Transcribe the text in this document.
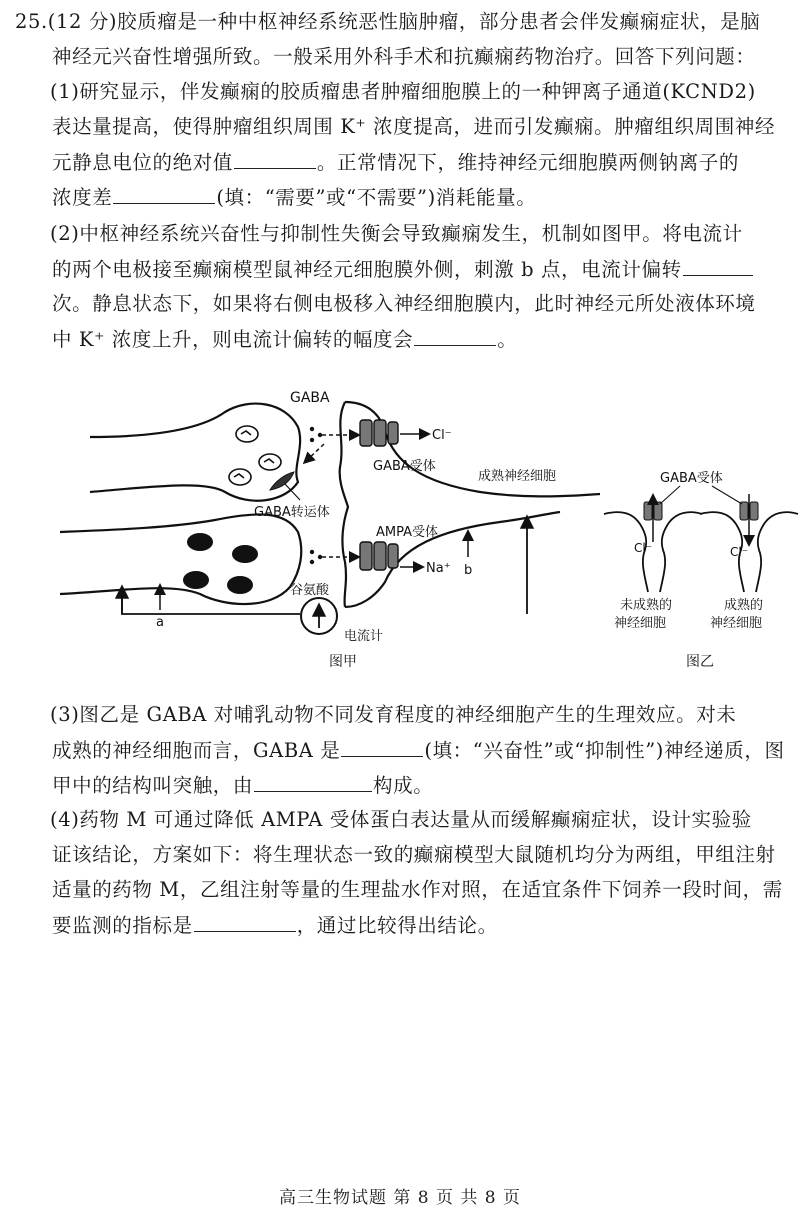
25.(12 分)胶质瘤是一种中枢神经系统恶性脑肿瘤，部分患者会伴发癫痫症状，是脑
神经元兴奋性增强所致。一般采用外科手术和抗癫痫药物治疗。回答下列问题：
(1)研究显示，伴发癫痫的胶质瘤患者肿瘤细胞膜上的一种钾离子通道(KCND2)
表达量提高，使得肿瘤组织周围 K⁺ 浓度提高，进而引发癫痫。肿瘤组织周围神经
元静息电位的绝对值	。正常情况下，维持神经元细胞膜两侧钠离子的
浓度差	(填：“需要”或“不需要”)消耗能量。
(2)中枢神经系统兴奋性与抑制性失衡会导致癫痫发生，机制如图甲。将电流计
的两个电极接至癫痫模型鼠神经元细胞膜外侧，刺激 b 点，电流计偏转
次。静息状态下，如果将右侧电极移入神经细胞膜内，此时神经元所处液体环境
中 K⁺ 浓度上升，则电流计偏转的幅度会	。
GABA
Cl⁻
GABA受体
成熟神经细胞
GABA转运体
AMPA受体
Na⁺
谷氨酸
a
b
电流计
图甲
Cl⁻	Cl⁻
GABA受体
未成熟的
神经细胞
成熟的
神经细胞
图乙
(3)图乙是 GABA 对哺乳动物不同发育程度的神经细胞产生的生理效应。对未
成熟的神经细胞而言，GABA 是	(填：“兴奋性”或“抑制性”)神经递质，图
甲中的结构叫突触，由	构成。
(4)药物 M 可通过降低 AMPA 受体蛋白表达量从而缓解癫痫症状，设计实验验
证该结论，方案如下：将生理状态一致的癫痫模型大鼠随机均分为两组，甲组注射
适量的药物 M，乙组注射等量的生理盐水作对照，在适宜条件下饲养一段时间，需
要监测的指标是	，通过比较得出结论。
高三生物试题 第 8 页 共 8 页
